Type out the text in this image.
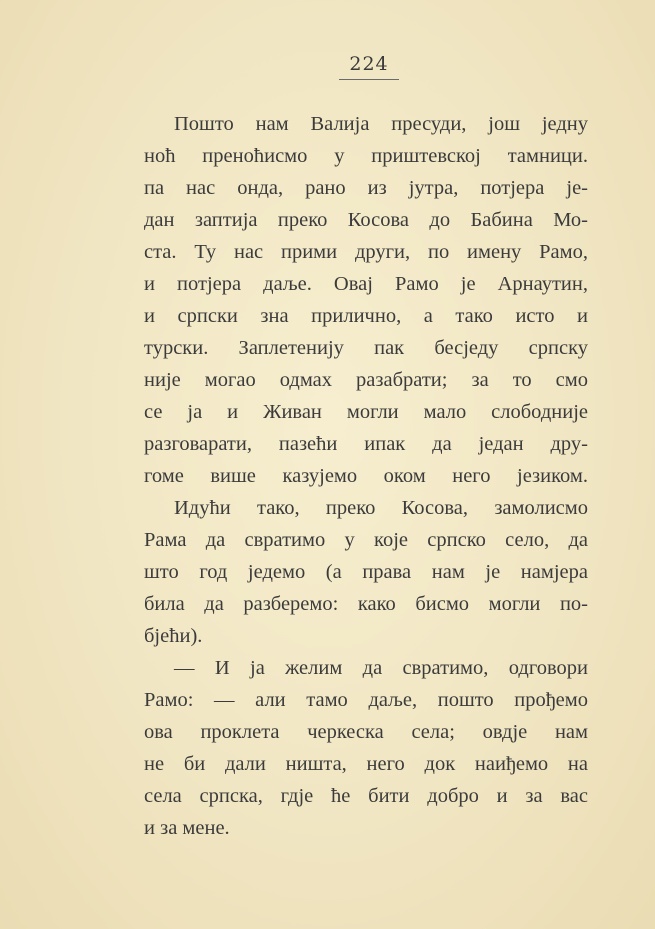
224
Пошто нам Валија пресуди, још једну
ноћ преноћисмо у приштевској тамници.
па нас онда, рано из јутра, потјера је-
дан заптија преко Косова до Бабина Мо-
ста. Ту нас прими други, по имену Рамо,
и потјера даље. Овај Рамо је Арнаутин,
и српски зна прилично, а тако исто и
турски. Заплетенију пак бесједу српску
није могао одмах разабрати; за то смо
се ја и Живан могли мало слободније
разговарати, пазећи ипак да један дру-
гоме више казујемо оком него језиком.
Идући тако, преко Косова, замолисмо
Рама да свратимо у које српско село, да
што год једемо (а права нам је намјера
била да разберемо: како бисмо могли по-
бјећи).
— И ја желим да свратимо, одговори
Рамо: — али тамо даље, пошто прођемо
ова проклета черкеска села; овдје нам
не би дали ништа, него док наиђемо на
села српска, гдје ће бити добро и за вас
и за мене.
